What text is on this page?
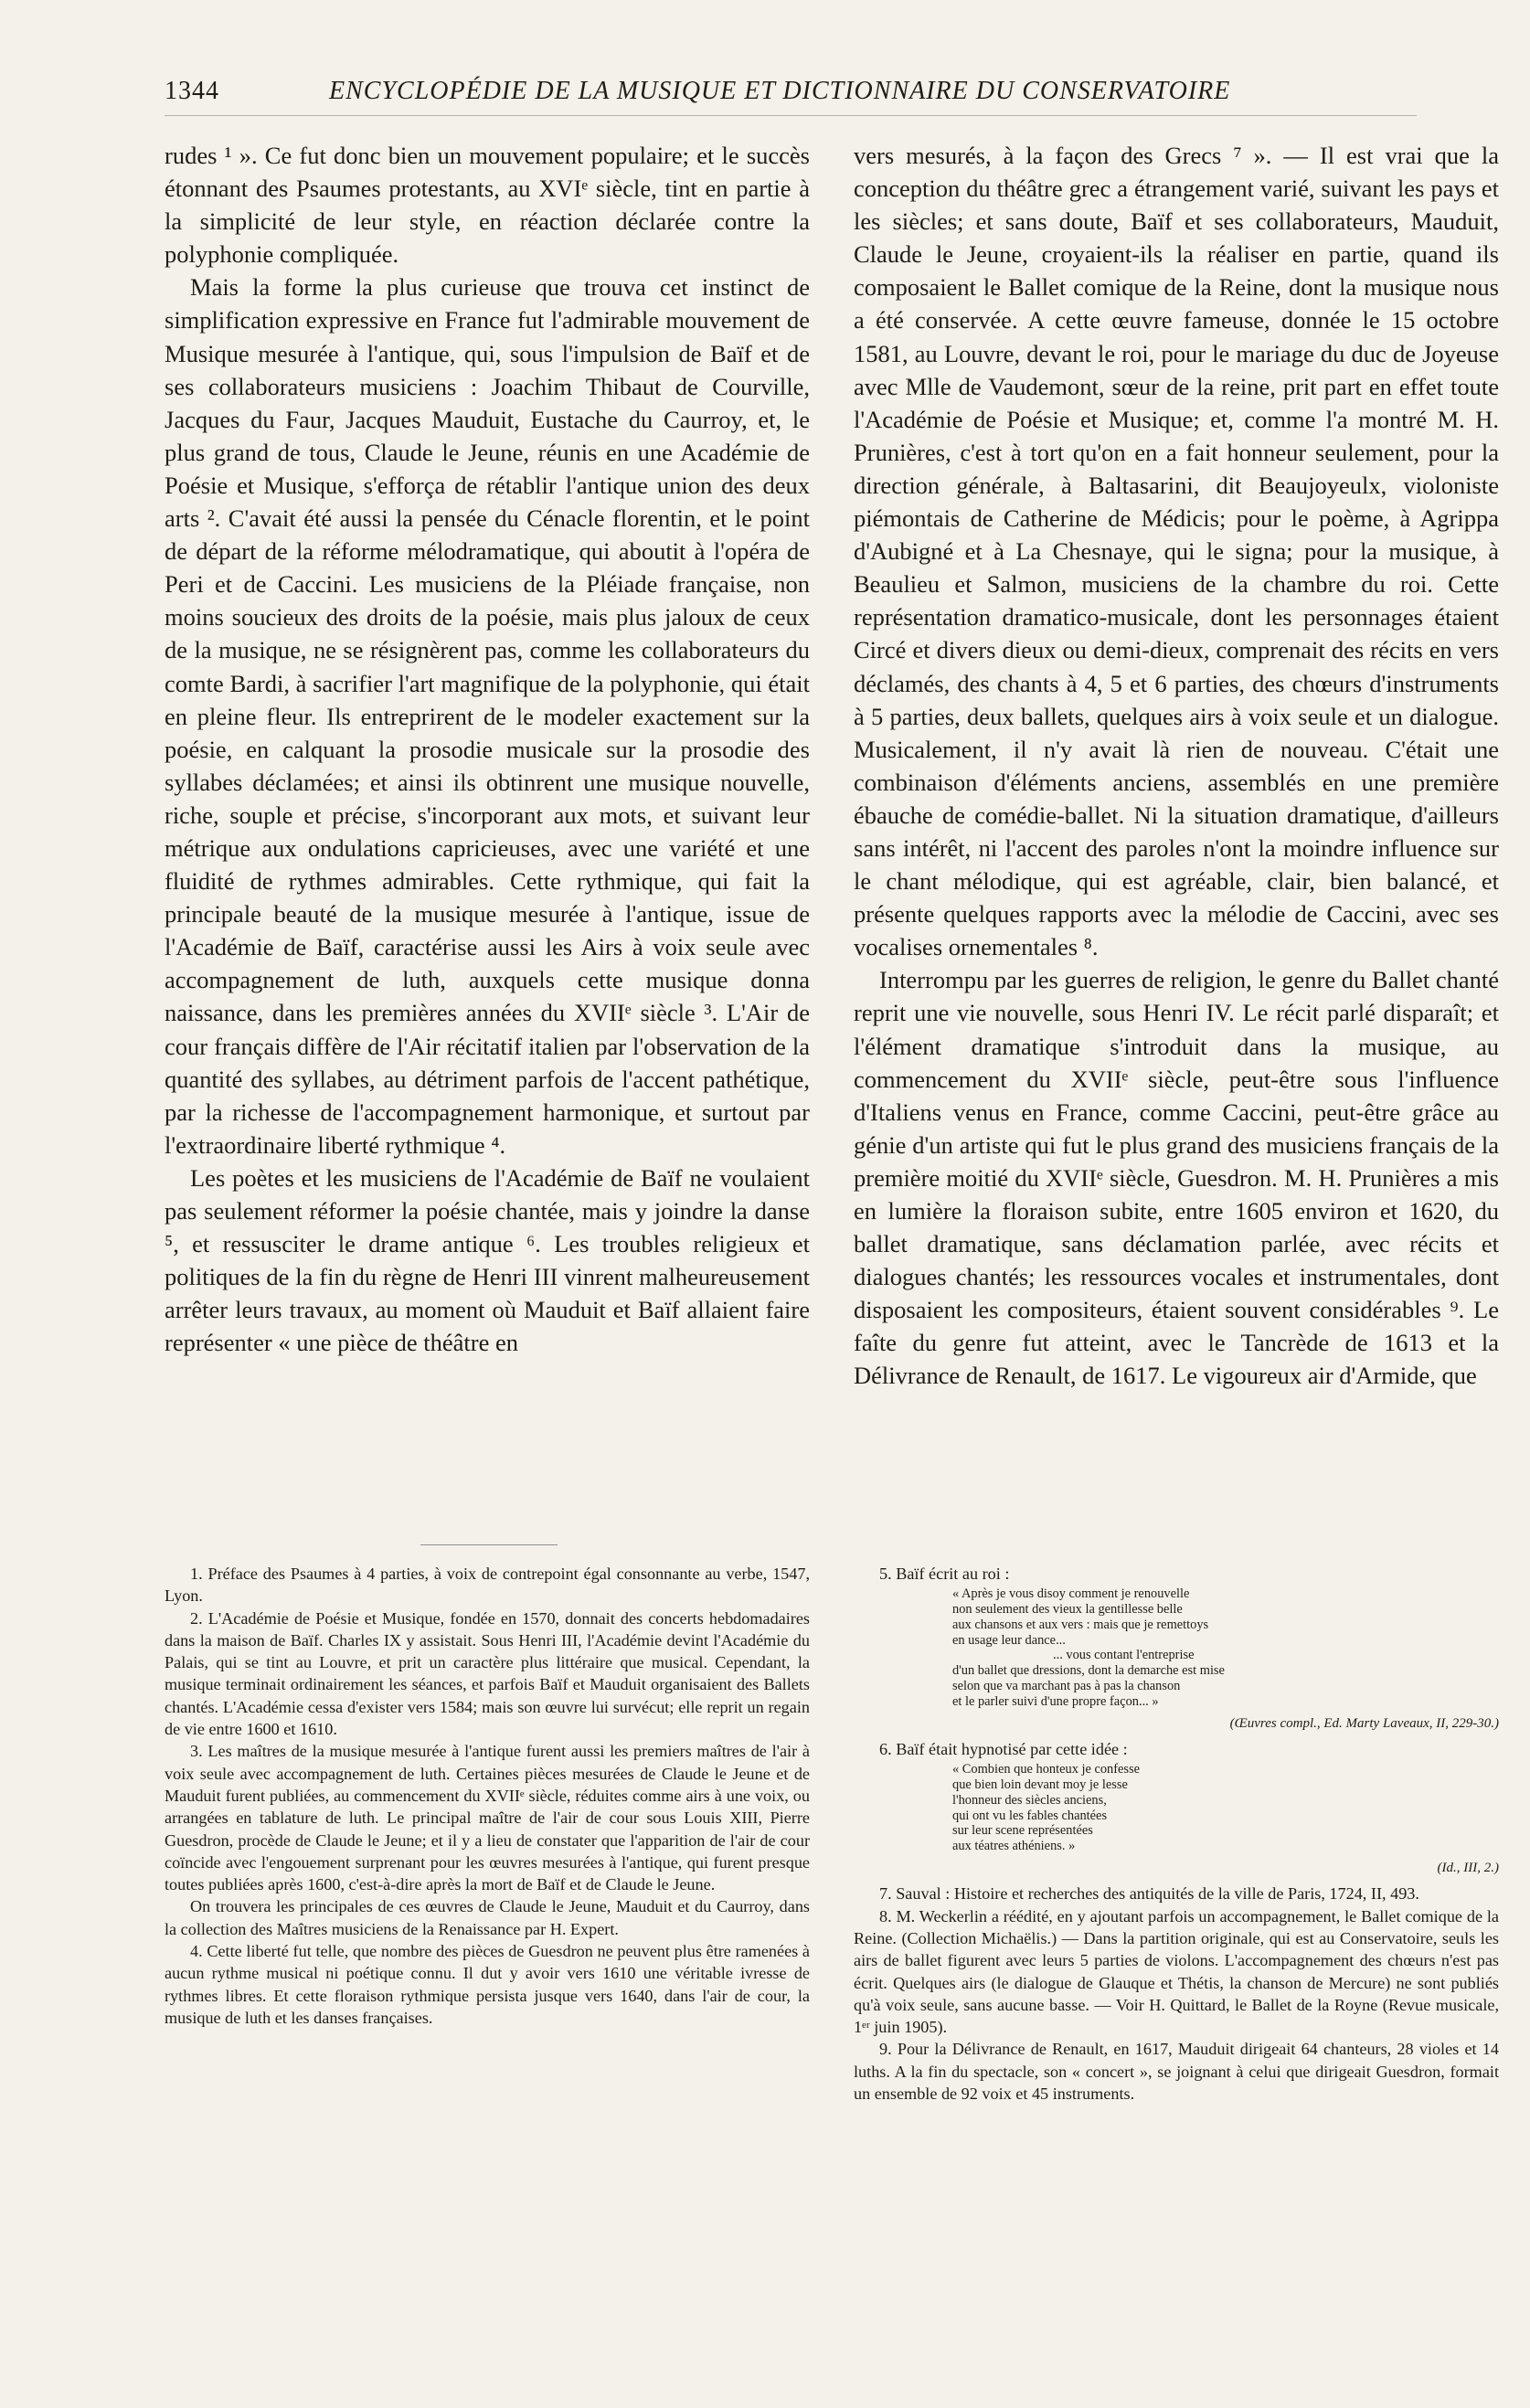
1344	ENCYCLOPÉDIE DE LA MUSIQUE ET DICTIONNAIRE DU CONSERVATOIRE

rudes ¹ ». Ce fut donc bien un mouvement populaire; et le succès étonnant des Psaumes protestants, au XVIᵉ siècle, tint en partie à la simplicité de leur style, en réaction déclarée contre la polyphonie compliquée.

Mais la forme la plus curieuse que trouva cet instinct de simplification expressive en France fut l'admirable mouvement de Musique mesurée à l'antique, qui, sous l'impulsion de Baïf et de ses collaborateurs musiciens : Joachim Thibaut de Courville, Jacques du Faur, Jacques Mauduit, Eustache du Caurroy, et, le plus grand de tous, Claude le Jeune, réunis en une Académie de Poésie et Musique, s'efforça de rétablir l'antique union des deux arts ². C'avait été aussi la pensée du Cénacle florentin, et le point de départ de la réforme mélodramatique, qui aboutit à l'opéra de Peri et de Caccini. Les musiciens de la Pléiade française, non moins soucieux des droits de la poésie, mais plus jaloux de ceux de la musique, ne se résignèrent pas, comme les collaborateurs du comte Bardi, à sacrifier l'art magnifique de la polyphonie, qui était en pleine fleur. Ils entreprirent de le modeler exactement sur la poésie, en calquant la prosodie musicale sur la prosodie des syllabes déclamées; et ainsi ils obtinrent une musique nouvelle, riche, souple et précise, s'incorporant aux mots, et suivant leur métrique aux ondulations capricieuses, avec une variété et une fluidité de rythmes admirables. Cette rythmique, qui fait la principale beauté de la musique mesurée à l'antique, issue de l'Académie de Baïf, caractérise aussi les Airs à voix seule avec accompagnement de luth, auxquels cette musique donna naissance, dans les premières années du XVIIᵉ siècle ³. L'Air de cour français diffère de l'Air récitatif italien par l'observation de la quantité des syllabes, au détriment parfois de l'accent pathétique, par la richesse de l'accompagnement harmonique, et surtout par l'extraordinaire liberté rythmique ⁴.

Les poètes et les musiciens de l'Académie de Baïf ne voulaient pas seulement réformer la poésie chantée, mais y joindre la danse ⁵, et ressusciter le drame antique ⁶. Les troubles religieux et politiques de la fin du règne de Henri III vinrent malheureusement arrêter leurs travaux, au moment où Mauduit et Baïf allaient faire représenter « une pièce de théâtre en

vers mesurés, à la façon des Grecs ⁷ ». — Il est vrai que la conception du théâtre grec a étrangement varié, suivant les pays et les siècles; et sans doute, Baïf et ses collaborateurs, Mauduit, Claude le Jeune, croyaient-ils la réaliser en partie, quand ils composaient le Ballet comique de la Reine, dont la musique nous a été conservée. A cette œuvre fameuse, donnée le 15 octobre 1581, au Louvre, devant le roi, pour le mariage du duc de Joyeuse avec Mlle de Vaudemont, sœur de la reine, prit part en effet toute l'Académie de Poésie et Musique; et, comme l'a montré M. H. Prunières, c'est à tort qu'on en a fait honneur seulement, pour la direction générale, à Baltasarini, dit Beaujoyeulx, violoniste piémontais de Catherine de Médicis; pour le poème, à Agrippa d'Aubigné et à La Chesnaye, qui le signa; pour la musique, à Beaulieu et Salmon, musiciens de la chambre du roi. Cette représentation dramatico-musicale, dont les personnages étaient Circé et divers dieux ou demi-dieux, comprenait des récits en vers déclamés, des chants à 4, 5 et 6 parties, des chœurs d'instruments à 5 parties, deux ballets, quelques airs à voix seule et un dialogue. Musicalement, il n'y avait là rien de nouveau. C'était une combinaison d'éléments anciens, assemblés en une première ébauche de comédie-ballet. Ni la situation dramatique, d'ailleurs sans intérêt, ni l'accent des paroles n'ont la moindre influence sur le chant mélodique, qui est agréable, clair, bien balancé, et présente quelques rapports avec la mélodie de Caccini, avec ses vocalises ornementales ⁸.

Interrompu par les guerres de religion, le genre du Ballet chanté reprit une vie nouvelle, sous Henri IV. Le récit parlé disparaît; et l'élément dramatique s'introduit dans la musique, au commencement du XVIIᵉ siècle, peut-être sous l'influence d'Italiens venus en France, comme Caccini, peut-être grâce au génie d'un artiste qui fut le plus grand des musiciens français de la première moitié du XVIIᵉ siècle, Guesdron. M. H. Prunières a mis en lumière la floraison subite, entre 1605 environ et 1620, du ballet dramatique, sans déclamation parlée, avec récits et dialogues chantés; les ressources vocales et instrumentales, dont disposaient les compositeurs, étaient souvent considérables ⁹. Le faîte du genre fut atteint, avec le Tancrède de 1613 et la Délivrance de Renault, de 1617. Le vigoureux air d'Armide, que

1. Préface des Psaumes à 4 parties, à voix de contrepoint égal consonnante au verbe, 1547, Lyon.

2. L'Académie de Poésie et Musique, fondée en 1570, donnait des concerts hebdomadaires dans la maison de Baïf. Charles IX y assistait. Sous Henri III, l'Académie devint l'Académie du Palais, qui se tint au Louvre, et prit un caractère plus littéraire que musical. Cependant, la musique terminait ordinairement les séances, et parfois Baïf et Mauduit organisaient des Ballets chantés. L'Académie cessa d'exister vers 1584; mais son œuvre lui survécut; elle reprit un regain de vie entre 1600 et 1610.

3. Les maîtres de la musique mesurée à l'antique furent aussi les premiers maîtres de l'air à voix seule avec accompagnement de luth. Certaines pièces mesurées de Claude le Jeune et de Mauduit furent publiées, au commencement du XVIIᵉ siècle, réduites comme airs à une voix, ou arrangées en tablature de luth. Le principal maître de l'air de cour sous Louis XIII, Pierre Guesdron, procède de Claude le Jeune; et il y a lieu de constater que l'apparition de l'air de cour coïncide avec l'engouement surprenant pour les œuvres mesurées à l'antique, qui furent presque toutes publiées après 1600, c'est-à-dire après la mort de Baïf et de Claude le Jeune.

On trouvera les principales de ces œuvres de Claude le Jeune, Mauduit et du Caurroy, dans la collection des Maîtres musiciens de la Renaissance par H. Expert.

4. Cette liberté fut telle, que nombre des pièces de Guesdron ne peuvent plus être ramenées à aucun rythme musical ni poétique connu. Il dut y avoir vers 1610 une véritable ivresse de rythmes libres. Et cette floraison rythmique persista jusque vers 1640, dans l'air de cour, la musique de luth et les danses françaises.

5. Baïf écrit au roi :

« Après je vous disoy comment je renouvelle
non seulement des vieux la gentillesse belle
aux chansons et aux vers : mais que je remettoys
en usage leur dance...
... vous contant l'entreprise
d'un ballet que dressions, dont la demarche est mise
selon que va marchant pas à pas la chanson
et le parler suivi d'une propre façon... »
(Œuvres compl., Ed. Marty Laveaux, II, 229-30.)

6. Baïf était hypnotisé par cette idée :

« Combien que honteux je confesse
que bien loin devant moy je lesse
l'honneur des siècles anciens,
qui ont vu les fables chantées
sur leur scene représentées
aux téatres athéniens. »
(Id., III, 2.)

7. Sauval : Histoire et recherches des antiquités de la ville de Paris, 1724, II, 493.

8. M. Weckerlin a réédité, en y ajoutant parfois un accompagnement, le Ballet comique de la Reine. (Collection Michaëlis.) — Dans la partition originale, qui est au Conservatoire, seuls les airs de ballet figurent avec leurs 5 parties de violons. L'accompagnement des chœurs n'est pas écrit. Quelques airs (le dialogue de Glauque et Thétis, la chanson de Mercure) ne sont publiés qu'à voix seule, sans aucune basse. — Voir H. Quittard, le Ballet de la Royne (Revue musicale, 1ᵉʳ juin 1905).

9. Pour la Délivrance de Renault, en 1617, Mauduit dirigeait 64 chanteurs, 28 violes et 14 luths. A la fin du spectacle, son « concert », se joignant à celui que dirigeait Guesdron, formait un ensemble de 92 voix et 45 instruments.
